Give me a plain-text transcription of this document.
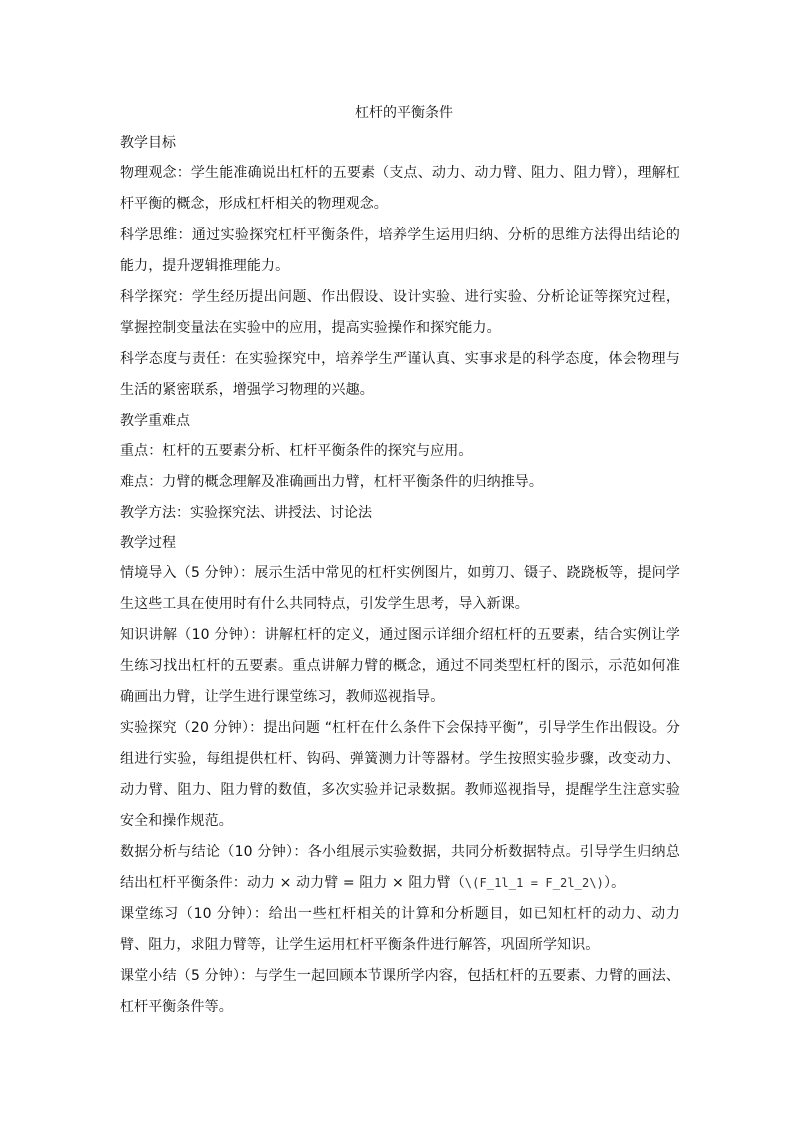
杠杆的平衡条件

教学目标

物理观念：学生能准确说出杠杆的五要素（支点、动力、动力臂、阻力、阻力臂），理解杠杆平衡的概念，形成杠杆相关的物理观念。

科学思维：通过实验探究杠杆平衡条件，培养学生运用归纳、分析的思维方法得出结论的能力，提升逻辑推理能力。

科学探究：学生经历提出问题、作出假设、设计实验、进行实验、分析论证等探究过程，掌握控制变量法在实验中的应用，提高实验操作和探究能力。

科学态度与责任：在实验探究中，培养学生严谨认真、实事求是的科学态度，体会物理与生活的紧密联系，增强学习物理的兴趣。

教学重难点

重点：杠杆的五要素分析、杠杆平衡条件的探究与应用。

难点：力臂的概念理解及准确画出力臂，杠杆平衡条件的归纳推导。

教学方法：实验探究法、讲授法、讨论法

教学过程

情境导入（5 分钟）：展示生活中常见的杠杆实例图片，如剪刀、镊子、跷跷板等，提问学生这些工具在使用时有什么共同特点，引发学生思考，导入新课。

知识讲解（10 分钟）：讲解杠杆的定义，通过图示详细介绍杠杆的五要素，结合实例让学生练习找出杠杆的五要素。重点讲解力臂的概念，通过不同类型杠杆的图示，示范如何准确画出力臂，让学生进行课堂练习，教师巡视指导。

实验探究（20 分钟）：提出问题 “杠杆在什么条件下会保持平衡”，引导学生作出假设。分组进行实验，每组提供杠杆、钩码、弹簧测力计等器材。学生按照实验步骤，改变动力、动力臂、阻力、阻力臂的数值，多次实验并记录数据。教师巡视指导，提醒学生注意实验安全和操作规范。

数据分析与结论（10 分钟）：各小组展示实验数据，共同分析数据特点。引导学生归纳总结出杠杆平衡条件：动力 × 动力臂 = 阻力 × 阻力臂（\(F_1l_1 = F_2l_2\)）。

课堂练习（10 分钟）：给出一些杠杆相关的计算和分析题目，如已知杠杆的动力、动力臂、阻力，求阻力臂等，让学生运用杠杆平衡条件进行解答，巩固所学知识。

课堂小结（5 分钟）：与学生一起回顾本节课所学内容，包括杠杆的五要素、力臂的画法、杠杆平衡条件等。
